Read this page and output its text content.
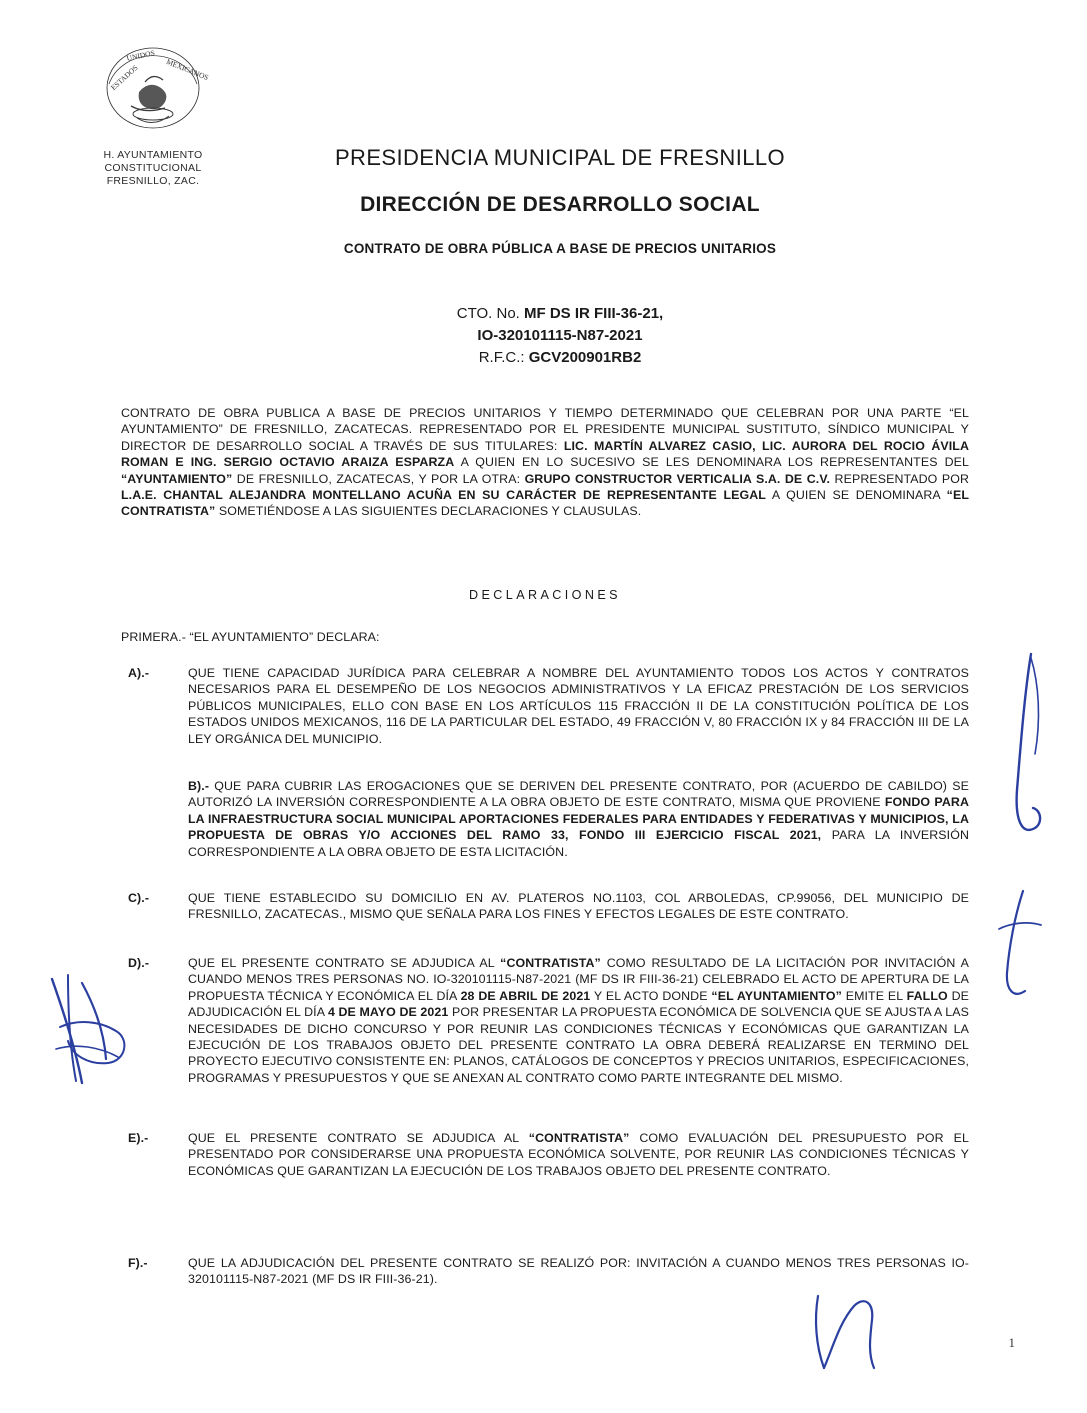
ESTADOS
UNIDOS
MEXICANOS
H. AYUNTAMIENTO
CONSTITUCIONAL
FRESNILLO, ZAC.
PRESIDENCIA MUNICIPAL DE FRESNILLO
DIRECCIÓN DE DESARROLLO SOCIAL
CONTRATO DE OBRA PÚBLICA A BASE DE PRECIOS UNITARIOS
CTO. No. MF DS IR FIII-36-21,
IO-320101115-N87-2021
R.F.C.: GCV200901RB2
CONTRATO DE OBRA PUBLICA A BASE DE PRECIOS UNITARIOS Y TIEMPO DETERMINADO QUE CELEBRAN POR UNA PARTE “EL AYUNTAMIENTO” DE FRESNILLO, ZACATECAS. REPRESENTADO POR EL PRESIDENTE MUNICIPAL SUSTITUTO, SÍNDICO MUNICIPAL Y DIRECTOR DE DESARROLLO SOCIAL A TRAVÉS DE SUS TITULARES: LIC. MARTÍN ALVAREZ CASIO, LIC. AURORA DEL ROCIO ÁVILA ROMAN E ING. SERGIO OCTAVIO ARAIZA ESPARZA A QUIEN EN LO SUCESIVO SE LES DENOMINARA LOS REPRESENTANTES DEL “AYUNTAMIENTO” DE FRESNILLO, ZACATECAS, Y POR LA OTRA: GRUPO CONSTRUCTOR VERTICALIA S.A. DE C.V. REPRESENTADO POR L.A.E. CHANTAL ALEJANDRA MONTELLANO ACUÑA EN SU CARÁCTER DE REPRESENTANTE LEGAL A QUIEN SE DENOMINARA “EL CONTRATISTA” SOMETIÉNDOSE A LAS SIGUIENTES DECLARACIONES Y CLAUSULAS.
DECLARACIONES
PRIMERA.- “EL AYUNTAMIENTO” DECLARA:
A).-	QUE TIENE CAPACIDAD JURÍDICA PARA CELEBRAR A NOMBRE DEL AYUNTAMIENTO TODOS LOS ACTOS Y CONTRATOS NECESARIOS PARA EL DESEMPEÑO DE LOS NEGOCIOS ADMINISTRATIVOS Y LA EFICAZ PRESTACIÓN DE LOS SERVICIOS PÚBLICOS MUNICIPALES, ELLO CON BASE EN LOS ARTÍCULOS 115 FRACCIÓN II DE LA CONSTITUCIÓN POLÍTICA DE LOS ESTADOS UNIDOS MEXICANOS, 116 DE LA PARTICULAR DEL ESTADO, 49 FRACCIÓN V, 80 FRACCIÓN IX y 84 FRACCIÓN III DE LA LEY ORGÁNICA DEL MUNICIPIO.
B).- QUE PARA CUBRIR LAS EROGACIONES QUE SE DERIVEN DEL PRESENTE CONTRATO, POR (ACUERDO DE CABILDO) SE AUTORIZÓ LA INVERSIÓN CORRESPONDIENTE A LA OBRA OBJETO DE ESTE CONTRATO, MISMA QUE PROVIENE FONDO PARA LA INFRAESTRUCTURA SOCIAL MUNICIPAL APORTACIONES FEDERALES PARA ENTIDADES Y FEDERATIVAS Y MUNICIPIOS, LA PROPUESTA DE OBRAS Y/O ACCIONES DEL RAMO 33, FONDO III EJERCICIO FISCAL 2021, PARA LA INVERSIÓN CORRESPONDIENTE A LA OBRA OBJETO DE ESTA LICITACIÓN.
C).-	QUE TIENE ESTABLECIDO SU DOMICILIO EN AV. PLATEROS NO.1103, COL ARBOLEDAS, CP.99056, DEL MUNICIPIO DE FRESNILLO, ZACATECAS., MISMO QUE SEÑALA PARA LOS FINES Y EFECTOS LEGALES DE ESTE CONTRATO.
D).-	QUE EL PRESENTE CONTRATO SE ADJUDICA AL “CONTRATISTA” COMO RESULTADO DE LA LICITACIÓN POR INVITACIÓN A CUANDO MENOS TRES PERSONAS NO. IO-320101115-N87-2021 (MF DS IR FIII-36-21) CELEBRADO EL ACTO DE APERTURA DE LA PROPUESTA TÉCNICA Y ECONÓMICA EL DÍA 28 DE ABRIL DE 2021 Y EL ACTO DONDE “EL AYUNTAMIENTO” EMITE EL FALLO DE ADJUDICACIÓN EL DÍA 4 DE MAYO DE 2021 POR PRESENTAR LA PROPUESTA ECONÓMICA DE SOLVENCIA QUE SE AJUSTA A LAS NECESIDADES DE DICHO CONCURSO Y POR REUNIR LAS CONDICIONES TÉCNICAS Y ECONÓMICAS QUE GARANTIZAN LA EJECUCIÓN DE LOS TRABAJOS OBJETO DEL PRESENTE CONTRATO LA OBRA DEBERÁ REALIZARSE EN TERMINO DEL PROYECTO EJECUTIVO CONSISTENTE EN: PLANOS, CATÁLOGOS DE CONCEPTOS Y PRECIOS UNITARIOS, ESPECIFICACIONES, PROGRAMAS Y PRESUPUESTOS Y QUE SE ANEXAN AL CONTRATO COMO PARTE INTEGRANTE DEL MISMO.
E).-	QUE EL PRESENTE CONTRATO SE ADJUDICA AL “CONTRATISTA” COMO EVALUACIÓN DEL PRESUPUESTO POR EL PRESENTADO POR CONSIDERARSE UNA PROPUESTA ECONÓMICA SOLVENTE, POR REUNIR LAS CONDICIONES TÉCNICAS Y ECONÓMICAS QUE GARANTIZAN LA EJECUCIÓN DE LOS TRABAJOS OBJETO DEL PRESENTE CONTRATO.
F).-	QUE LA ADJUDICACIÓN DEL PRESENTE CONTRATO SE REALIZÓ POR: INVITACIÓN A CUANDO MENOS TRES PERSONAS IO-320101115-N87-2021 (MF DS IR FIII-36-21).
1
